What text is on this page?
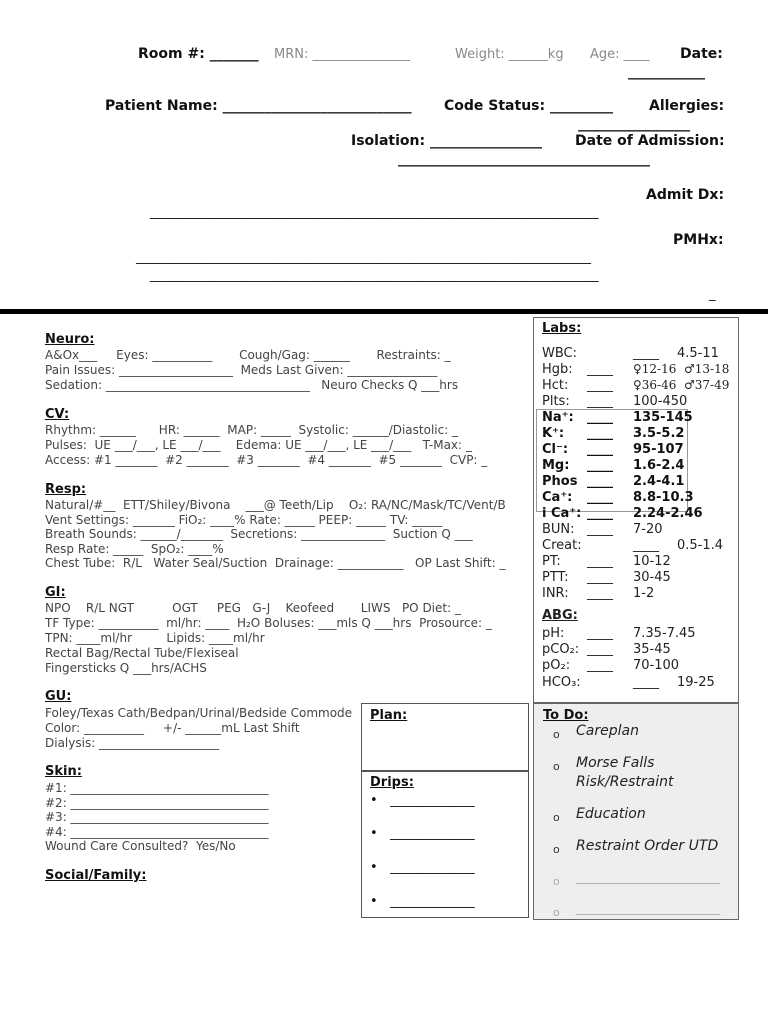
Room #: _______ MRN: _______________	Weight: ______kg Age: ____ Date:
___________
Patient Name: ___________________________ Code Status: _________	Allergies:
________________
Isolation: ________________ Date of Admission:
____________________________________
Admit Dx:
_____________________________________________________________________
PMHx:
______________________________________________________________________
_____________________________________________________________________
_
Neuro:
A&Ox___     Eyes: __________       Cough/Gag: ______       Restraints: _
Pain Issues: ___________________  Meds Last Given: _______________
Sedation: __________________________________   Neuro Checks Q ___hrs
CV:
Rhythm: ______      HR: ______  MAP: _____  Systolic: ______/Diastolic: _
Pulses:  UE ___/___, LE ___/___    Edema: UE ___/___, LE ___/___   T-Max: _
Access: #1 _______  #2 _______  #3 _______  #4 _______  #5 _______  CVP: _
Resp:
Natural/#__  ETT/Shiley/Bivona    ___@ Teeth/Lip    O₂: RA/NC/Mask/TC/Vent/B
Vent Settings: _______ FiO₂: ____% Rate: _____ PEEP: _____ TV: _____
Breath Sounds: ______/_______  Secretions: ______________  Suction Q ___
Resp Rate: _____  SpO₂: ____%
Chest Tube:  R/L   Water Seal/Suction  Drainage: ___________   OP Last Shift: _
GI:
NPO    R/L NGT          OGT     PEG   G-J    Keofeed       LIWS   PO Diet: _
TF Type: __________  ml/hr: ____  H₂O Boluses: ___mls Q ___hrs  Prosource: _
TPN: ____ml/hr         Lipids: ____ml/hr
Rectal Bag/Rectal Tube/Flexiseal
Fingersticks Q ___hrs/ACHS
GU:
Foley/Texas Cath/Bedpan/Urinal/Bedside Commode
Color: __________     +/- ______mL Last Shift
Dialysis: ____________________
Skin:
#1: _________________________________
#2: _________________________________
#3: _________________________________
#4: _________________________________
Wound Care Consulted?  Yes/No
Social/Family:
Plan:
Drips:
•   _____________
•   _____________
•   _____________
•   _____________
Labs:
WBC:	____ 4.5-11
Hgb: ____ ♀12-16  ♂13-18
Hct: ____ ♀36-46  ♂37-49
Plts: ____ 100-450
Na⁺: ____ 135-145
K⁺: ____ 3.5-5.2
Cl⁻: ____ 95-107
Mg: ____ 1.6-2.4
Phos ____ 2.4-4.1
Ca⁺: ____ 8.8-10.3
i Ca⁺: ____ 2.24-2.46
BUN: ____ 7-20
Creat:	____ 0.5-1.4
PT: ____ 10-12
PTT: ____ 30-45
INR: ____ 1-2
ABG:
pH: ____ 7.35-7.45
pCO₂: ____ 35-45
pO₂: ____ 70-100
HCO₃:	____ 19-25
To Do:
o Careplan
o Morse Falls
Risk/Restraint
o Education
o Restraint Order UTD
o ________________________
o ________________________
